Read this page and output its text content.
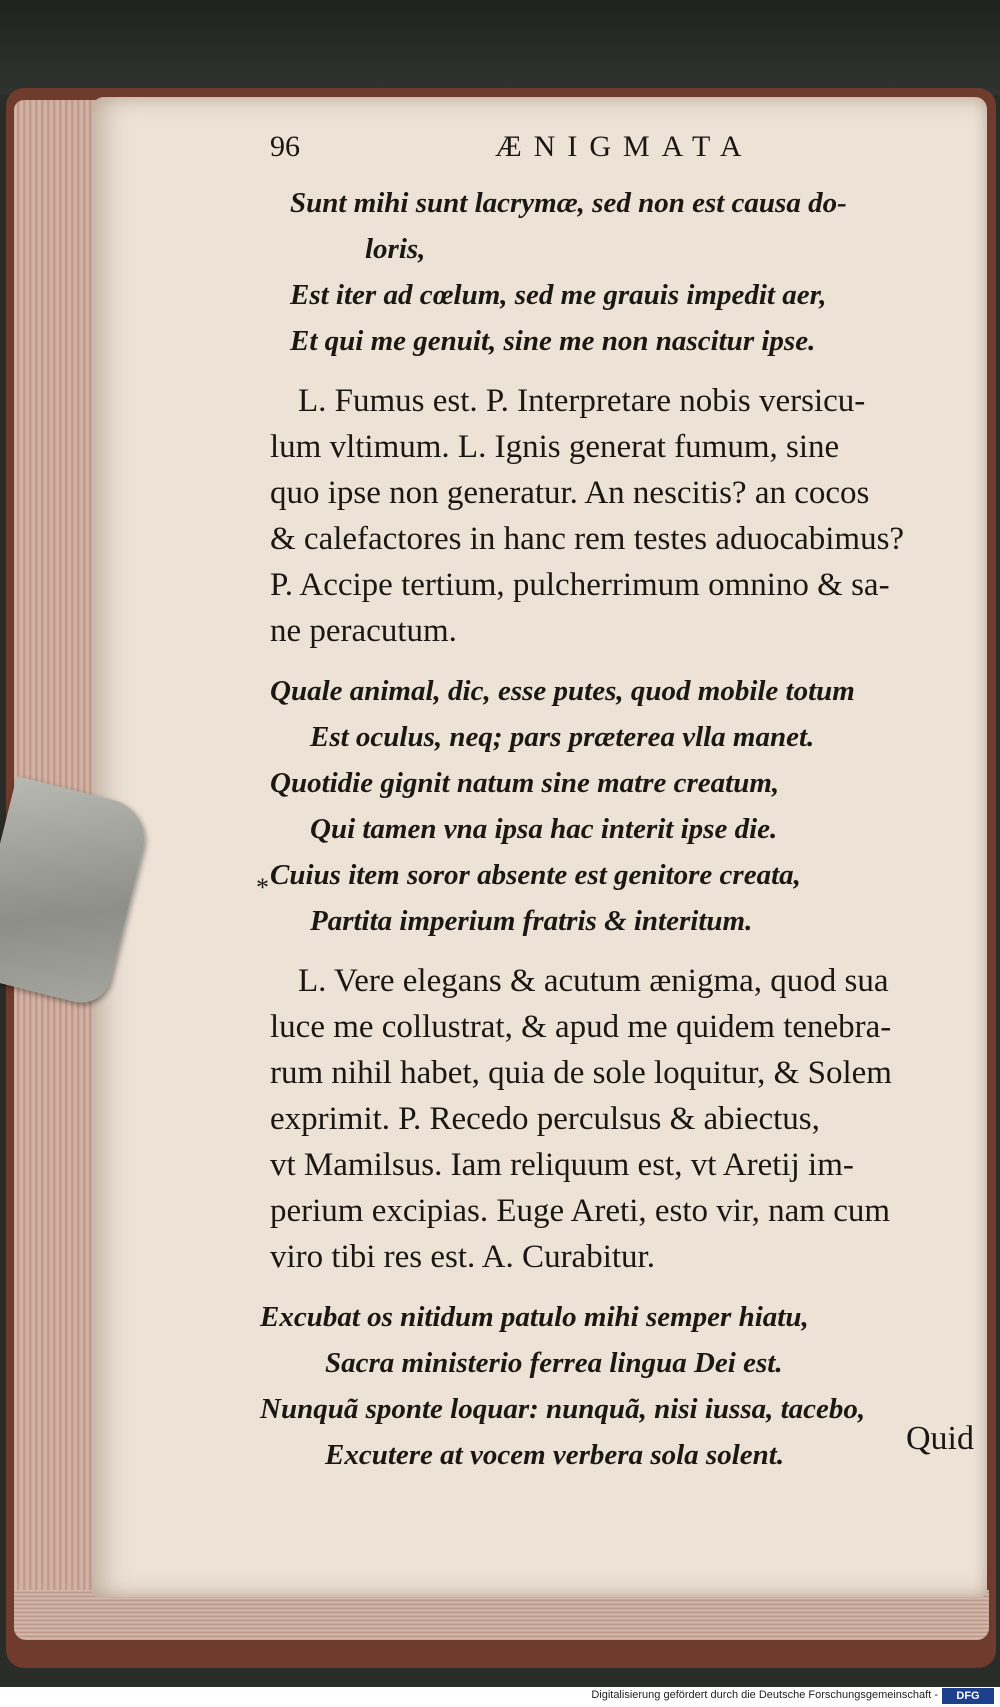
96	ÆNIGMATA
Sunt mihi sunt lacrymæ, sed non est causa do-
loris,
Est iter ad cœlum, sed me grauis impedit aer,
Et qui me genuit, sine me non nascitur ipse.
L. Fumus est. P. Interpretare nobis versicu-
lum vltimum. L. Ignis generat fumum, sine
quo ipse non generatur. An nescitis? an cocos
& calefactores in hanc rem testes aduocabimus?
P. Accipe tertium, pulcherrimum omnino & sa-
ne peracutum.
Quale animal, dic, esse putes, quod mobile totum
Est oculus, neq; pars præterea vlla manet.
Quotidie gignit natum sine matre creatum,
Qui tamen vna ipsa hac interit ipse die.
Cuius item soror absente est genitore creata,
Partita imperium fratris & interitum.
L. Vere elegans & acutum ænigma, quod sua
luce me collustrat, & apud me quidem tenebra-
rum nihil habet, quia de sole loquitur, & Solem
exprimit. P. Recedo perculsus & abiectus,
vt Mamilsus. Iam reliquum est, vt Aretij im-
perium excipias. Euge Areti, esto vir, nam cum
viro tibi res est. A. Curabitur.
Excubat os nitidum patulo mihi semper hiatu,
Sacra ministerio ferrea lingua Dei est.
Nunquã sponte loquar: nunquã, nisi iussa, tacebo,
Excutere at vocem verbera sola solent.
*
Quid
Digitalisierung gefördert durch die Deutsche Forschungsgemeinschaft -	DFG
